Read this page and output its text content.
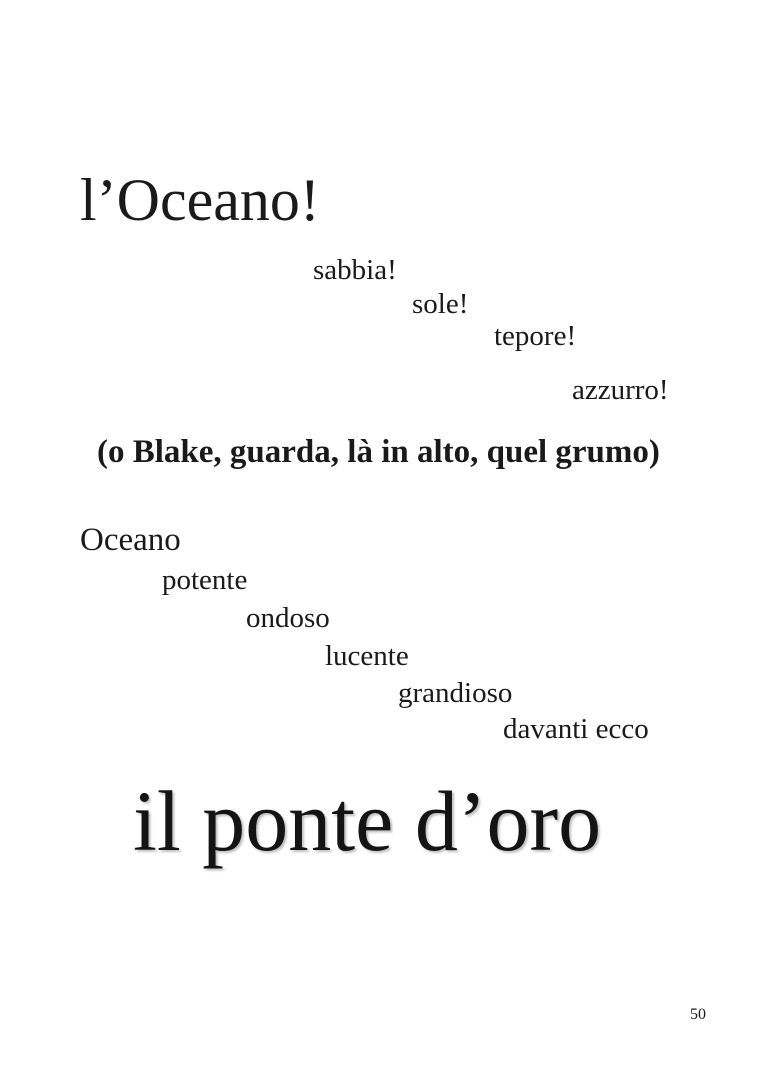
l’Oceano!
sabbia!
sole!
tepore!
azzurro!
(o Blake, guarda, là in alto, quel grumo)
Oceano
potente
ondoso
lucente
grandioso
davanti ecco
il ponte d’oro
50
